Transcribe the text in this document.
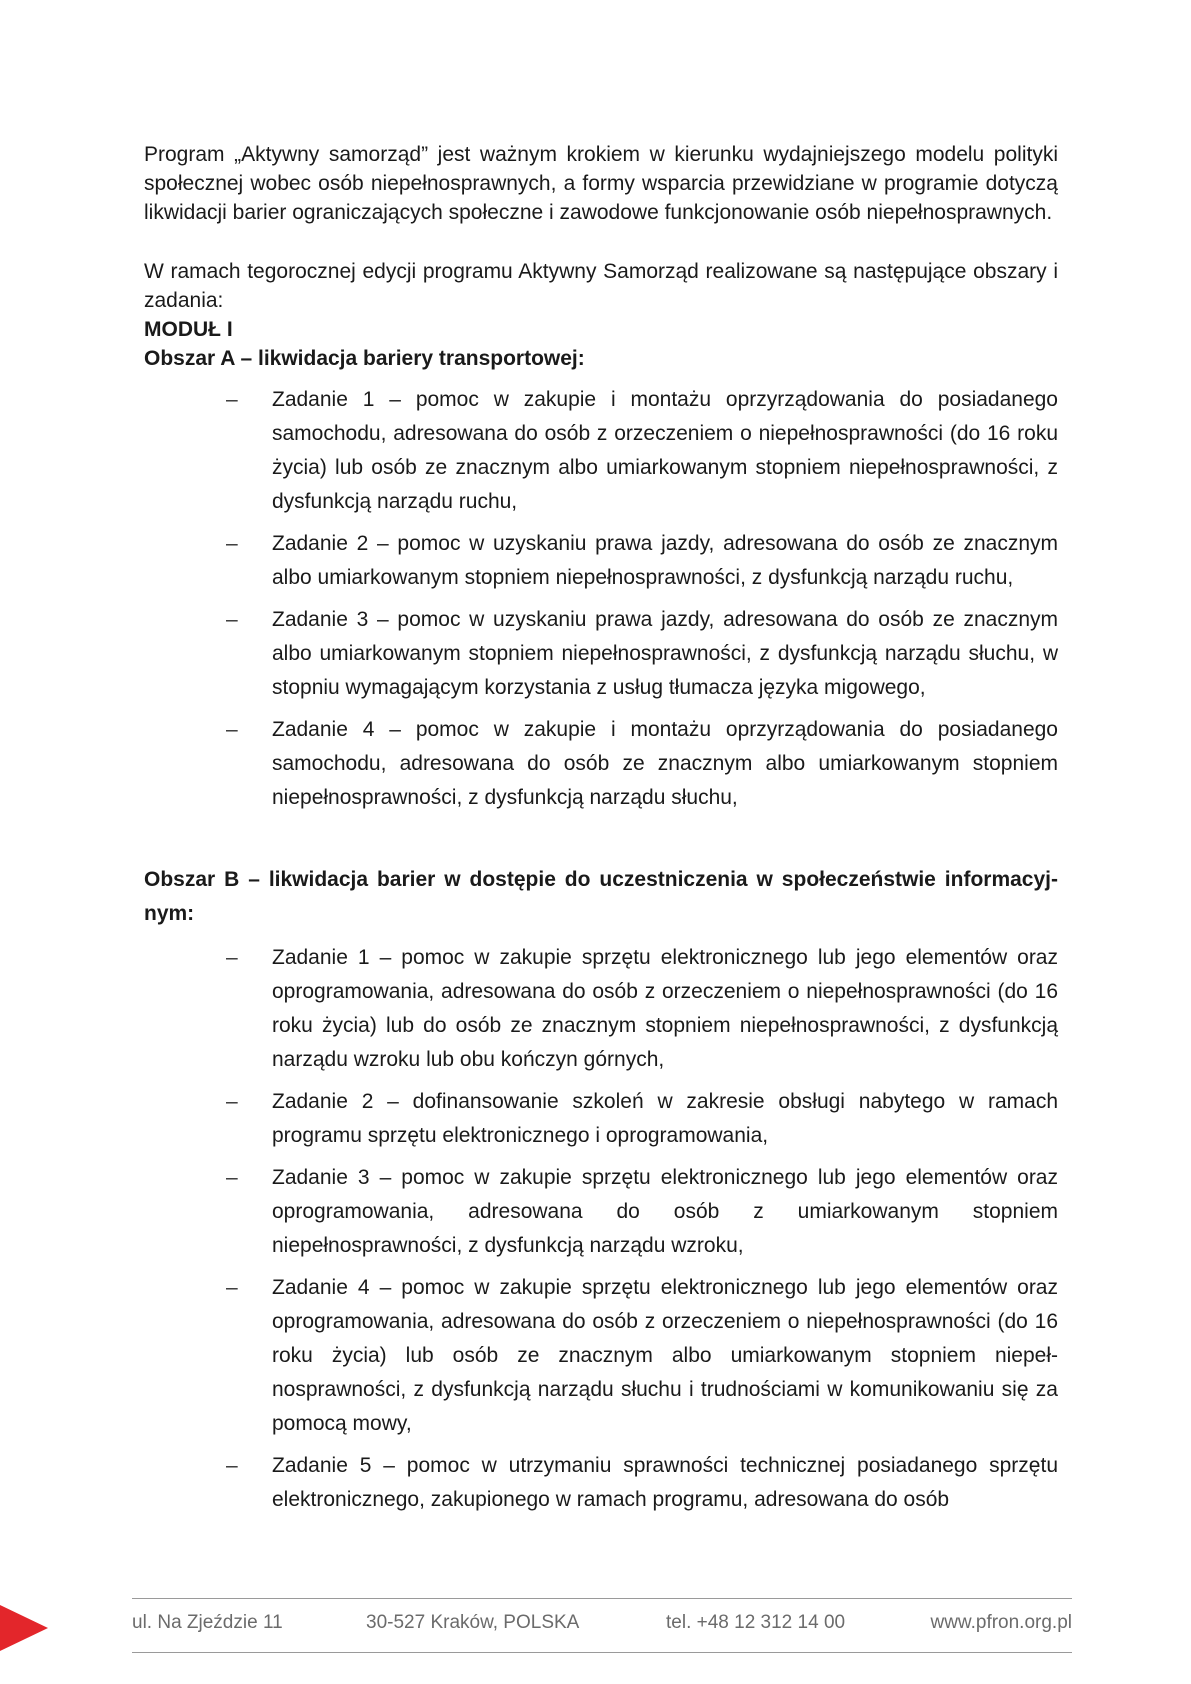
Program „Aktywny samorząd” jest ważnym krokiem w kierunku wydajniejszego modelu polityki społecznej wobec osób niepełnosprawnych, a formy wsparcia przewidziane w programie dotyczą likwidacji barier ograniczających społeczne i zawodowe funkcjonowanie osób niepełnosprawnych.

W ramach tegorocznej edycji programu Aktywny Samorząd realizowane są następujące obszary i zadania:

MODUŁ I

Obszar A – likwidacja bariery transportowej:

–	Zadanie 1 – pomoc w zakupie i montażu oprzyrządowania do posiadanego samochodu, adresowana do osób z orzeczeniem o niepełnosprawności (do 16 roku życia) lub osób ze znacznym albo umiarkowanym stopniem niepełnosprawności, z dysfunkcją narządu ruchu,
–	Zadanie 2 – pomoc w uzyskaniu prawa jazdy, adresowana do osób ze znacznym albo umiarkowanym stopniem niepełnosprawności, z dysfunkcją narządu ruchu,
–	Zadanie 3 – pomoc w uzyskaniu prawa jazdy, adresowana do osób ze znacznym albo umiarkowanym stopniem niepełnosprawności, z dysfunkcją narządu słuchu, w stopniu wymagającym korzystania z usług tłumacza języka migowego,
–	Zadanie 4 – pomoc w zakupie i montażu oprzyrządowania do posiadanego samochodu, adresowana do osób ze znacznym albo umiarkowanym stopniem niepełnosprawności, z dysfunkcją narządu słuchu,

Obszar B – likwidacja barier w dostępie do uczestniczenia w społeczeństwie informacyj-nym:

–	Zadanie 1 – pomoc w zakupie sprzętu elektronicznego lub jego elementów oraz oprogramowania, adresowana do osób z orzeczeniem o niepełnosprawności (do 16 roku życia) lub do osób ze znacznym stopniem niepełnosprawności, z dysfunkcją narządu wzroku lub obu kończyn górnych,
–	Zadanie 2 – dofinansowanie szkoleń w zakresie obsługi nabytego w ramach programu sprzętu elektronicznego i oprogramowania,
–	Zadanie 3 – pomoc w zakupie sprzętu elektronicznego lub jego elementów oraz oprogramowania, adresowana do osób z umiarkowanym stopniem niepełnosprawności, z dysfunkcją narządu wzroku,
–	Zadanie 4 – pomoc w zakupie sprzętu elektronicznego lub jego elementów oraz oprogramowania, adresowana do osób z orzeczeniem o niepełnosprawności (do 16 roku życia) lub osób ze znacznym albo umiarkowanym stopniem niepeł-nosprawności, z dysfunkcją narządu słuchu i trudnościami w komunikowaniu się za pomocą mowy,
–	Zadanie 5 – pomoc w utrzymaniu sprawności technicznej posiadanego sprzętu elektronicznego, zakupionego w ramach programu, adresowana do osób
ul. Na Zjeździe 11	30-527 Kraków, POLSKA	tel. +48 12 312 14 00	www.pfron.org.pl
